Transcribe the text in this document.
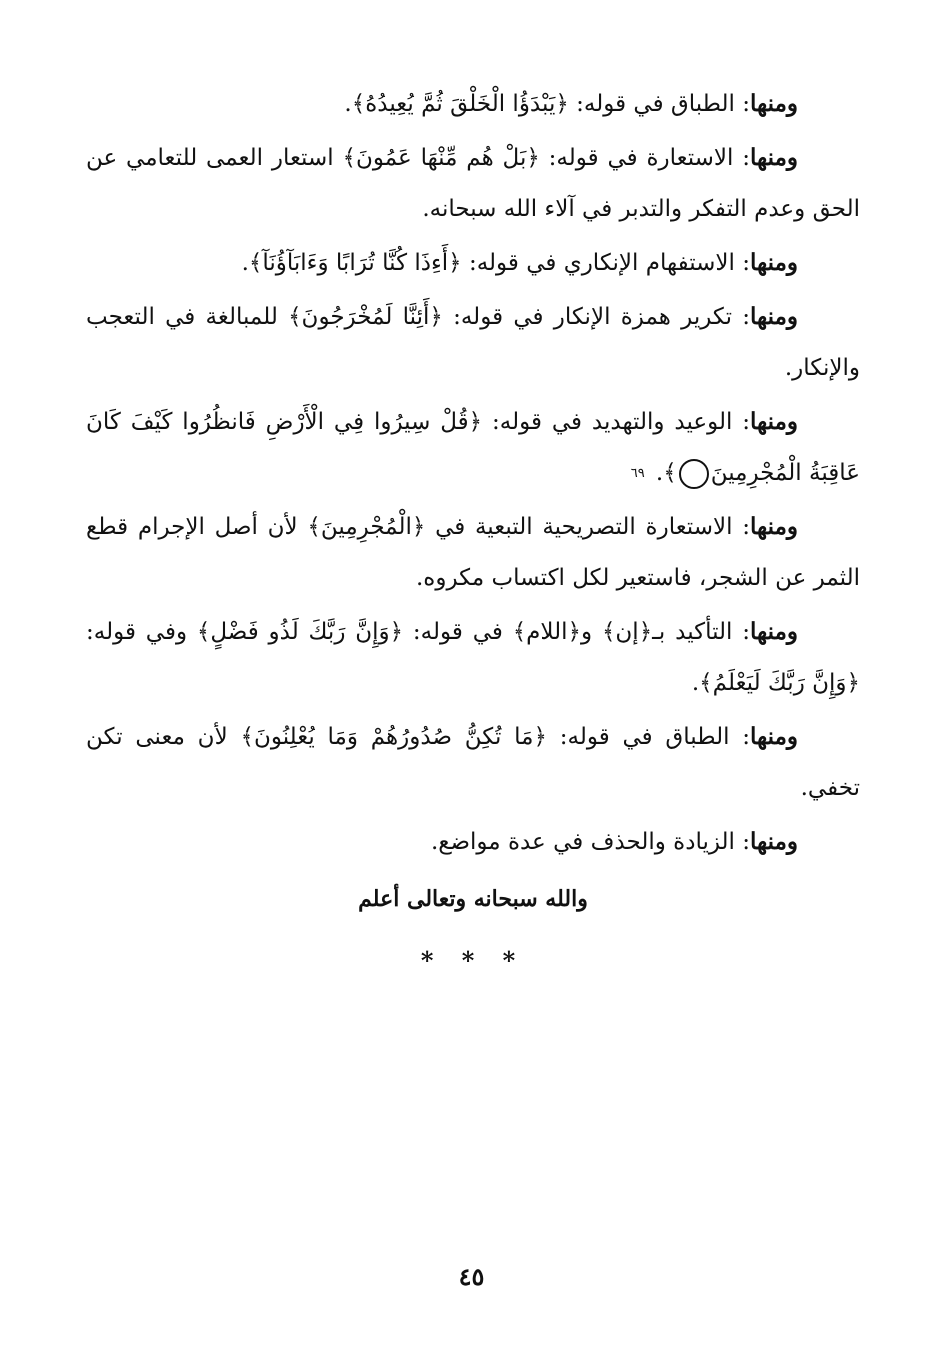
ومنها: الطباق في قوله: ﴿يَبْدَؤُا الْخَلْقَ ثُمَّ يُعِيدُهُ﴾.

ومنها: الاستعارة في قوله: ﴿بَلْ هُم مِّنْهَا عَمُونَ﴾ استعار العمى للتعامي عن الحق وعدم التفكر والتدبر في آلاء الله سبحانه.

ومنها: الاستفهام الإنكاري في قوله: ﴿أَءِذَا كُنَّا تُرَابًا وَءَابَآؤُنَآ﴾.

ومنها: تكرير همزة الإنكار في قوله: ﴿أَئِنَّا لَمُخْرَجُونَ﴾ للمبالغة في التعجب والإنكار.

ومنها: الوعيد والتهديد في قوله: ﴿قُلْ سِيرُوا فِي الْأَرْضِ فَانظُرُوا كَيْفَ كَانَ عَاقِبَةُ الْمُجْرِمِينَ٦٩ ﴾.

ومنها: الاستعارة التصريحية التبعية في ﴿الْمُجْرِمِينَ﴾ لأن أصل الإجرام قطع الثمر عن الشجر، فاستعير لكل اكتساب مكروه.

ومنها: التأكيد بـ﴿إن﴾ و﴿اللام﴾ في قوله: ﴿وَإِنَّ رَبَّكَ لَذُو فَضْلٍ﴾ وفي قوله: ﴿وَإِنَّ رَبَّكَ لَيَعْلَمُ﴾.

ومنها: الطباق في قوله: ﴿مَا تُكِنُّ صُدُورُهُمْ وَمَا يُعْلِنُونَ﴾ لأن معنى تكن تخفي.

ومنها: الزيادة والحذف في عدة مواضع.

والله سبحانه وتعالى أعلم
* * *
٤٥
